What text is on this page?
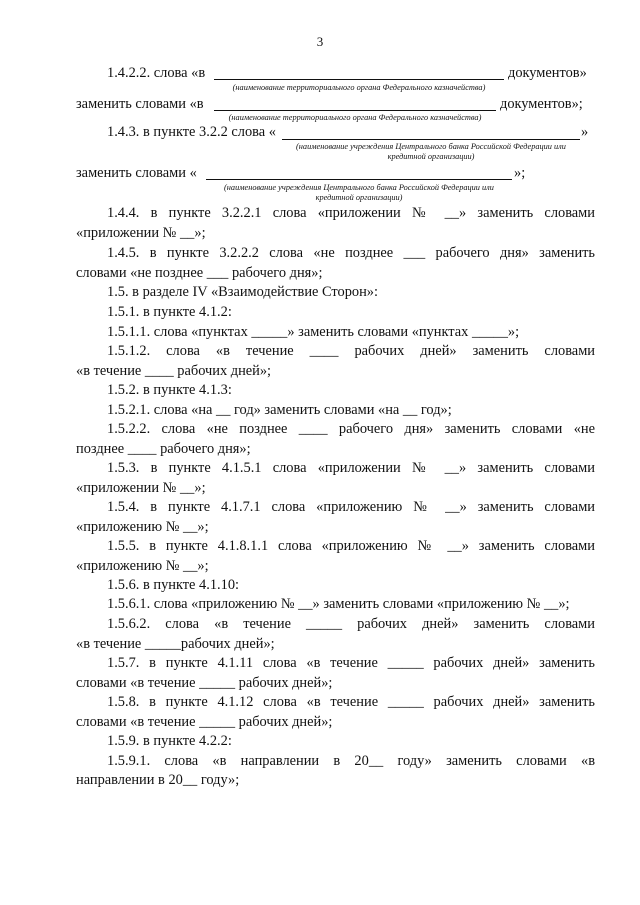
3
1.4.2.2. слова «в	документов»
(наименование территориального органа Федерального казначейства)
заменить словами «в	документов»;
(наименование территориального органа Федерального казначейства)
1.4.3. в пункте 3.2.2 слова «	»
(наименование учреждения Центрального банка Российской Федерации или
кредитной организации)
заменить словами «	»;
(наименование учреждения Центрального банка Российской Федерации или
кредитной организации)
1.4.4. в пункте 3.2.2.1 слова «приложении № __» заменить словами
«приложении № __»;
1.4.5. в пункте 3.2.2.2 слова «не позднее ___ рабочего дня» заменить
словами «не позднее ___ рабочего дня»;
1.5. в разделе IV «Взаимодействие Сторон»:
1.5.1. в пункте 4.1.2:
1.5.1.1. слова «пунктах _____» заменить словами «пунктах _____»;
1.5.1.2. слова «в течение ____ рабочих дней» заменить словами
«в течение ____ рабочих дней»;
1.5.2. в пункте 4.1.3:
1.5.2.1. слова «на __ год» заменить словами «на __ год»;
1.5.2.2. слова «не позднее ____ рабочего дня» заменить словами «не
позднее ____ рабочего дня»;
1.5.3. в пункте 4.1.5.1 слова «приложении № __» заменить словами
«приложении № __»;
1.5.4. в пункте 4.1.7.1 слова «приложению № __» заменить словами
«приложению № __»;
1.5.5. в пункте 4.1.8.1.1 слова «приложению № __» заменить словами
«приложению № __»;
1.5.6. в пункте 4.1.10:
1.5.6.1. слова «приложению № __» заменить словами «приложению № __»;
1.5.6.2. слова «в течение _____ рабочих дней» заменить словами
«в течение _____рабочих дней»;
1.5.7. в пункте 4.1.11 слова «в течение _____ рабочих дней» заменить
словами «в течение _____ рабочих дней»;
1.5.8. в пункте 4.1.12 слова «в течение _____ рабочих дней» заменить
словами «в течение _____ рабочих дней»;
1.5.9. в пункте 4.2.2:
1.5.9.1. слова «в направлении в 20__ году» заменить словами «в
направлении в 20__ году»;
